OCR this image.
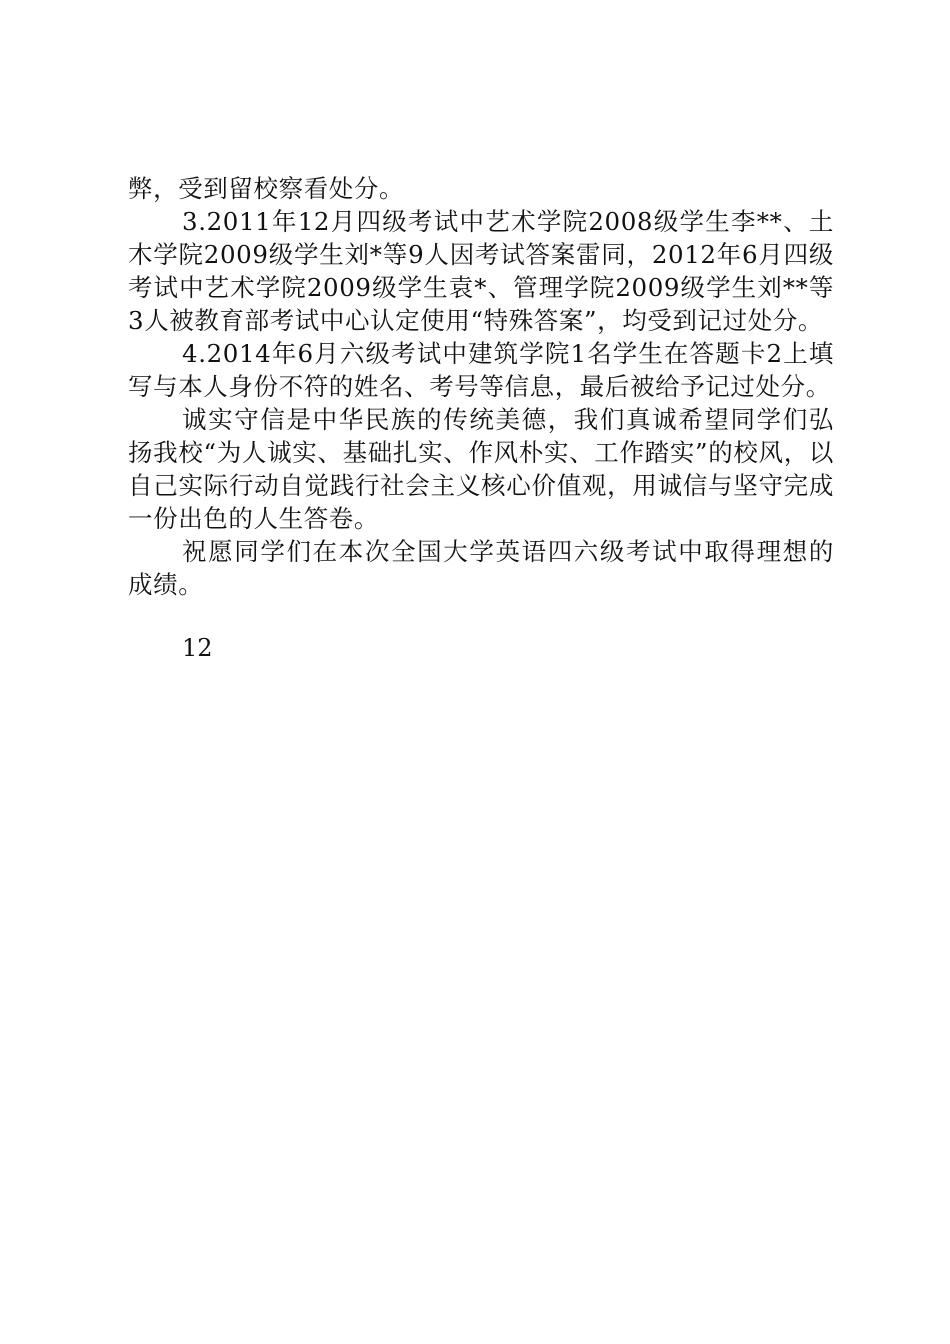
弊，受到留校察看处分。

3.2011年12月四级考试中艺术学院2008级学生李**、土木学院2009级学生刘*等9人因考试答案雷同，2012年6月四级考试中艺术学院2009级学生袁*、管理学院2009级学生刘**等3人被教育部考试中心认定使用“特殊答案”，均受到记过处分。

4.2014年6月六级考试中建筑学院1名学生在答题卡2上填写与本人身份不符的姓名、考号等信息，最后被给予记过处分。

诚实守信是中华民族的传统美德，我们真诚希望同学们弘扬我校“为人诚实、基础扎实、作风朴实、工作踏实”的校风，以自己实际行动自觉践行社会主义核心价值观，用诚信与坚守完成一份出色的人生答卷。

祝愿同学们在本次全国大学英语四六级考试中取得理想的成绩。

12
